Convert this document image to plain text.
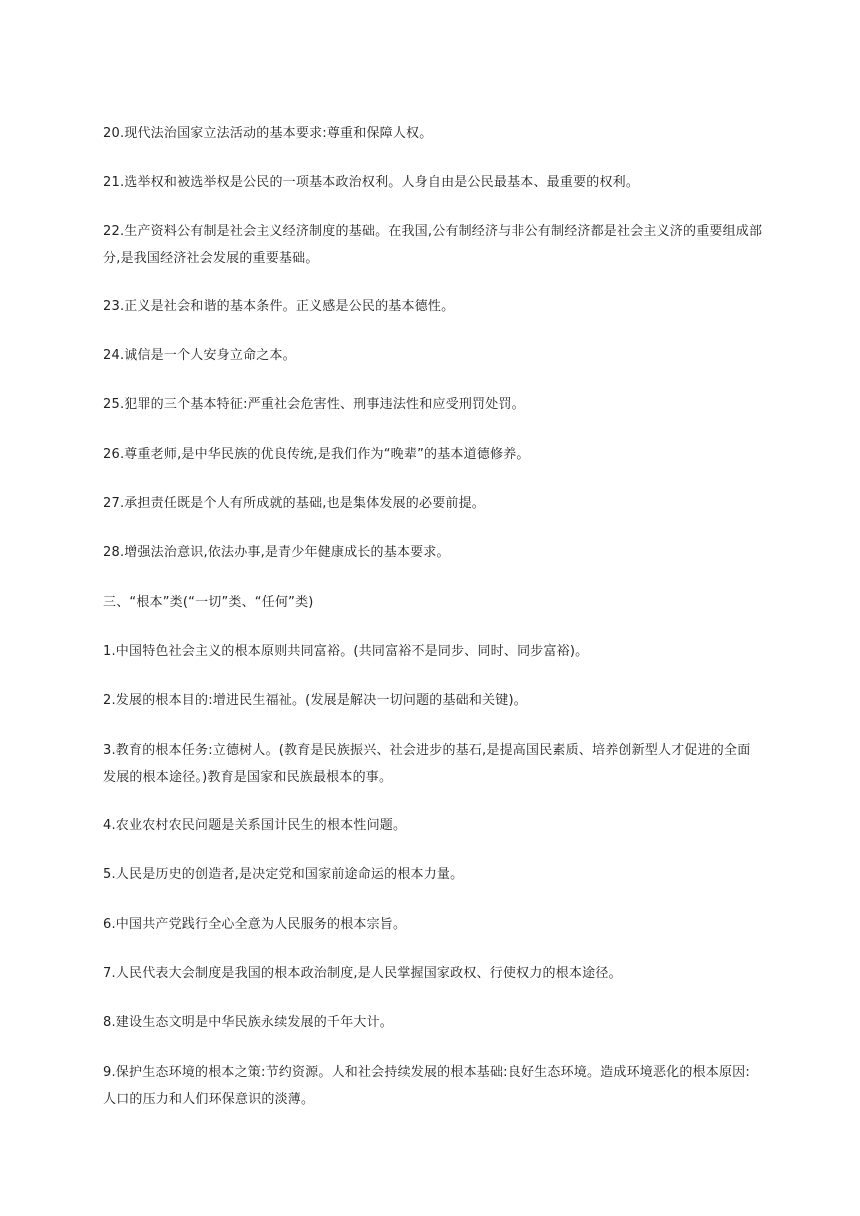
20.现代法治国家立法活动的基本要求:尊重和保障人权。

21.选举权和被选举权是公民的一项基本政治权利。人身自由是公民最基本、最重要的权利。

22.生产资料公有制是社会主义经济制度的基础。在我国,公有制经济与非公有制经济都是社会主义济的重要组成部分,是我国经济社会发展的重要基础。

23.正义是社会和谐的基本条件。正义感是公民的基本德性。

24.诚信是一个人安身立命之本。

25.犯罪的三个基本特征:严重社会危害性、刑事违法性和应受刑罚处罚。

26.尊重老师,是中华民族的优良传统,是我们作为“晚辈”的基本道德修养。

27.承担责任既是个人有所成就的基础,也是集体发展的必要前提。

28.增强法治意识,依法办事,是青少年健康成长的基本要求。

三、“根本”类(“一切”类、“任何”类)

1.中国特色社会主义的根本原则共同富裕。(共同富裕不是同步、同时、同步富裕)。

2.发展的根本目的:增进民生福祉。(发展是解决一切问题的基础和关键)。

3.教育的根本任务:立德树人。(教育是民族振兴、社会进步的基石,是提高国民素质、培养创新型人才促进的全面发展的根本途径。)教育是国家和民族最根本的事。

4.农业农村农民问题是关系国计民生的根本性问题。

5.人民是历史的创造者,是决定党和国家前途命运的根本力量。

6.中国共产党践行全心全意为人民服务的根本宗旨。

7.人民代表大会制度是我国的根本政治制度,是人民掌握国家政权、行使权力的根本途径。

8.建设生态文明是中华民族永续发展的千年大计。

9.保护生态环境的根本之策:节约资源。人和社会持续发展的根本基础:良好生态环境。造成环境恶化的根本原因:人口的压力和人们环保意识的淡薄。
